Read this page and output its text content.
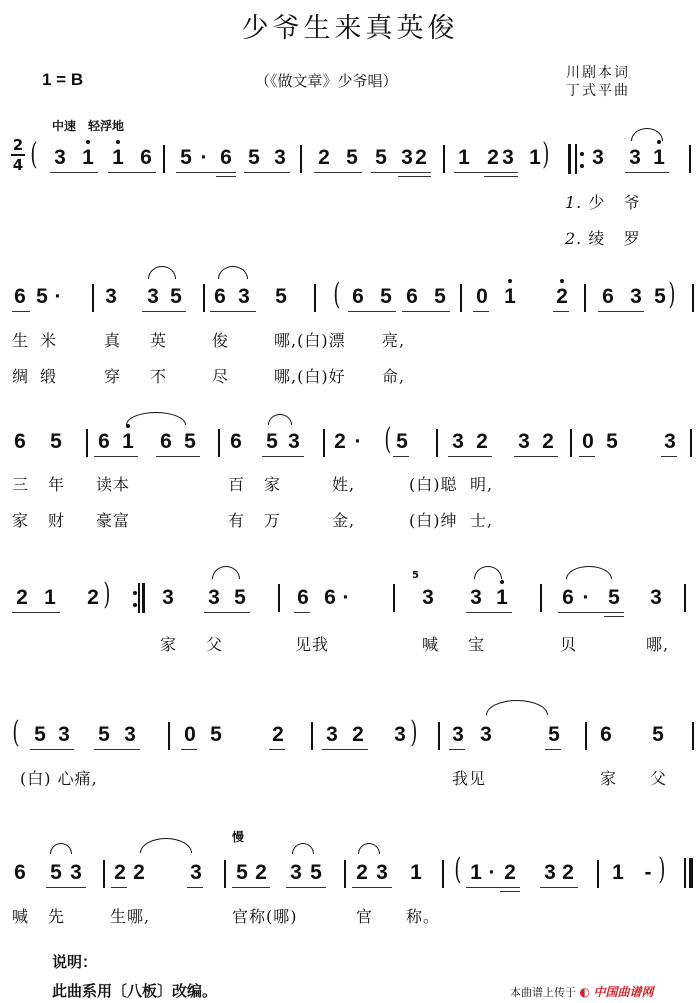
少爷生来真英俊
1 = B	（《做文章》少爷唱）	川剧本词
丁式平曲
中速　轻浮地
2
4 ( 3 1 1 6 5 · 6 5 3 2 5 5 3 2 1 2 3 1 ) 3 3 1
1. 少 爷
2. 绫 罗
6 5 · 3 3 5 6 3 5 ( 6 5 6 5 0 1 2 6 3 5 )
生 米	真 英	俊	哪,(白)漂 亮,
绸 缎	穿 不	尽	哪,(白)好 命,
6 5 6 1 6 5 6 5 3 2 · ( 5 3 2 3 2 0 5 3
三 年 读本	百 家	姓,	(白)聪 明,
家 财 豪富	有 万	金,	(白)绅 士,
2 1 2 ) 3 3 5 6 6 ·
5
3 3 1	6 · 5 3
家 父	见我	喊 宝	贝	哪,
( 5 3 5 3 0 5 2 3 2 3 ) 3 3	5 6 5
(白) 心痛,	我见	家 父
慢
6 5 3 2 2 3 5 2 3 5 2 3 1 ( 1 · 2 3 2 1 - )
喊 先	生哪,	官称(哪)	官 称。
说明：
此曲系用〔八板〕改编。	本曲谱上传于 ◐ 中国曲谱网
